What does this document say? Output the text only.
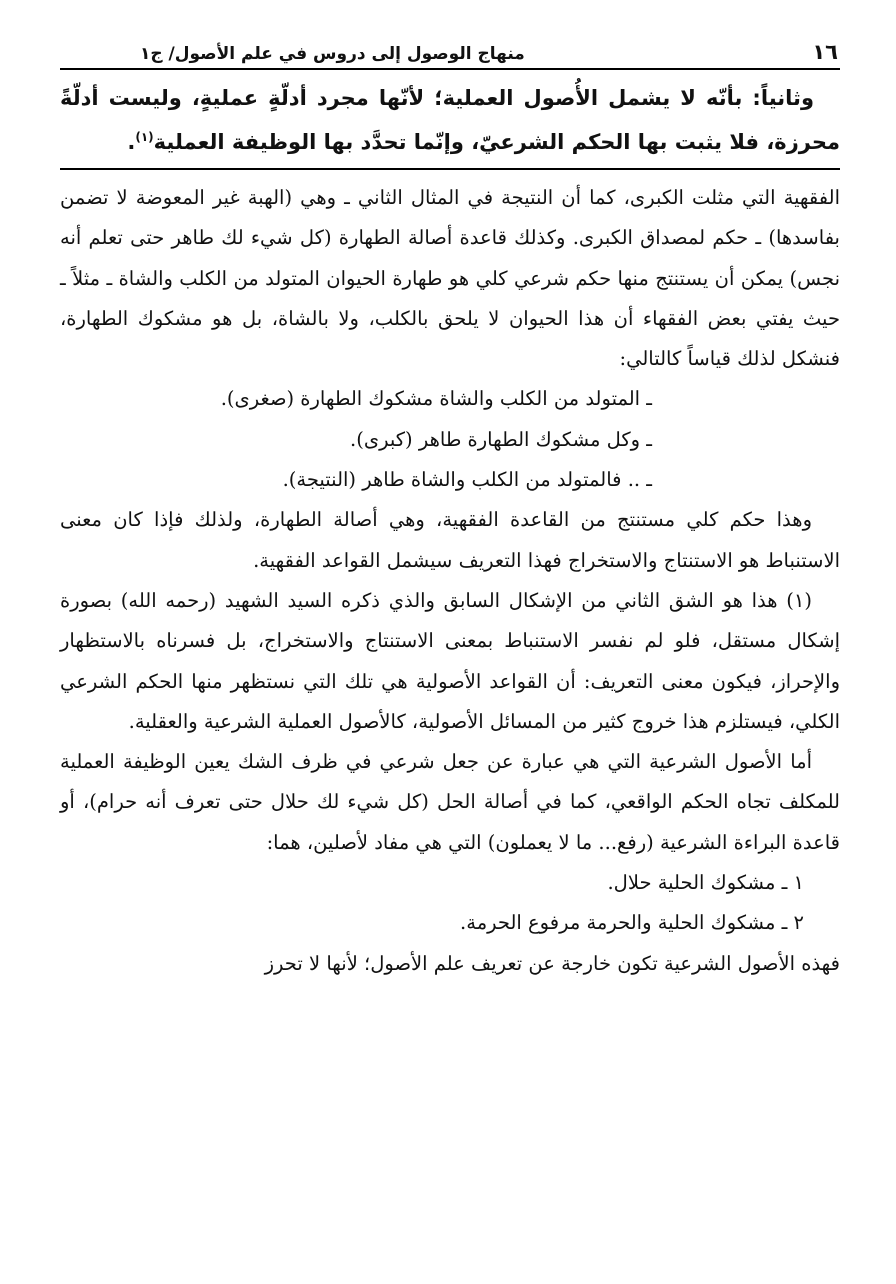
١٦
منهاج الوصول إلى دروس في علم الأصول/ ج١

وثانياً: بأنّه لا يشمل الأُصول العملية؛ لأنّها مجرد أدلّةٍ عمليةٍ، وليست أدلّةً محرزة، فلا يثبت بها الحكم الشرعيّ، وإنّما تحدَّد بها الوظيفة العملية$^{(١)}$.

الفقهية التي مثلت الكبرى، كما أن النتيجة في المثال الثاني ـ وهي (الهبة غير المعوضة لا تضمن بفاسدها) ـ حكم لمصداق الكبرى. وكذلك قاعدة أصالة الطهارة (كل شيء لك طاهر حتى تعلم أنه نجس) يمكن أن يستنتج منها حكم شرعي كلي هو طهارة الحيوان المتولد من الكلب والشاة ـ مثلاً ـ حيث يفتي بعض الفقهاء أن هذا الحيوان لا يلحق بالكلب، ولا بالشاة، بل هو مشكوك الطهارة، فنشكل لذلك قياساً كالتالي:

ـ المتولد من الكلب والشاة مشكوك الطهارة (صغرى).

ـ وكل مشكوك الطهارة طاهر (كبرى).

ـ .. فالمتولد من الكلب والشاة طاهر (النتيجة).

وهذا حكم كلي مستنتج من القاعدة الفقهية، وهي أصالة الطهارة، ولذلك فإذا كان معنى الاستنباط هو الاستنتاج والاستخراج فهذا التعريف سيشمل القواعد الفقهية.

(١) هذا هو الشق الثاني من الإشكال السابق والذي ذكره السيد الشهيد (رحمه الله) بصورة إشكال مستقل، فلو لم نفسر الاستنباط بمعنى الاستنتاج والاستخراج، بل فسرناه بالاستظهار والإحراز، فيكون معنى التعريف: أن القواعد الأصولية هي تلك التي نستظهر منها الحكم الشرعي الكلي، فيستلزم هذا خروج كثير من المسائل الأصولية، كالأصول العملية الشرعية والعقلية.

أما الأصول الشرعية التي هي عبارة عن جعل شرعي في ظرف الشك يعين الوظيفة العملية للمكلف تجاه الحكم الواقعي، كما في أصالة الحل (كل شيء لك حلال حتى تعرف أنه حرام)، أو قاعدة البراءة الشرعية (رفع... ما لا يعملون) التي هي مفاد لأصلين، هما:

١ ـ مشكوك الحلية حلال.

٢ ـ مشكوك الحلية والحرمة مرفوع الحرمة.

فهذه الأصول الشرعية تكون خارجة عن تعريف علم الأصول؛ لأنها لا تحرز
